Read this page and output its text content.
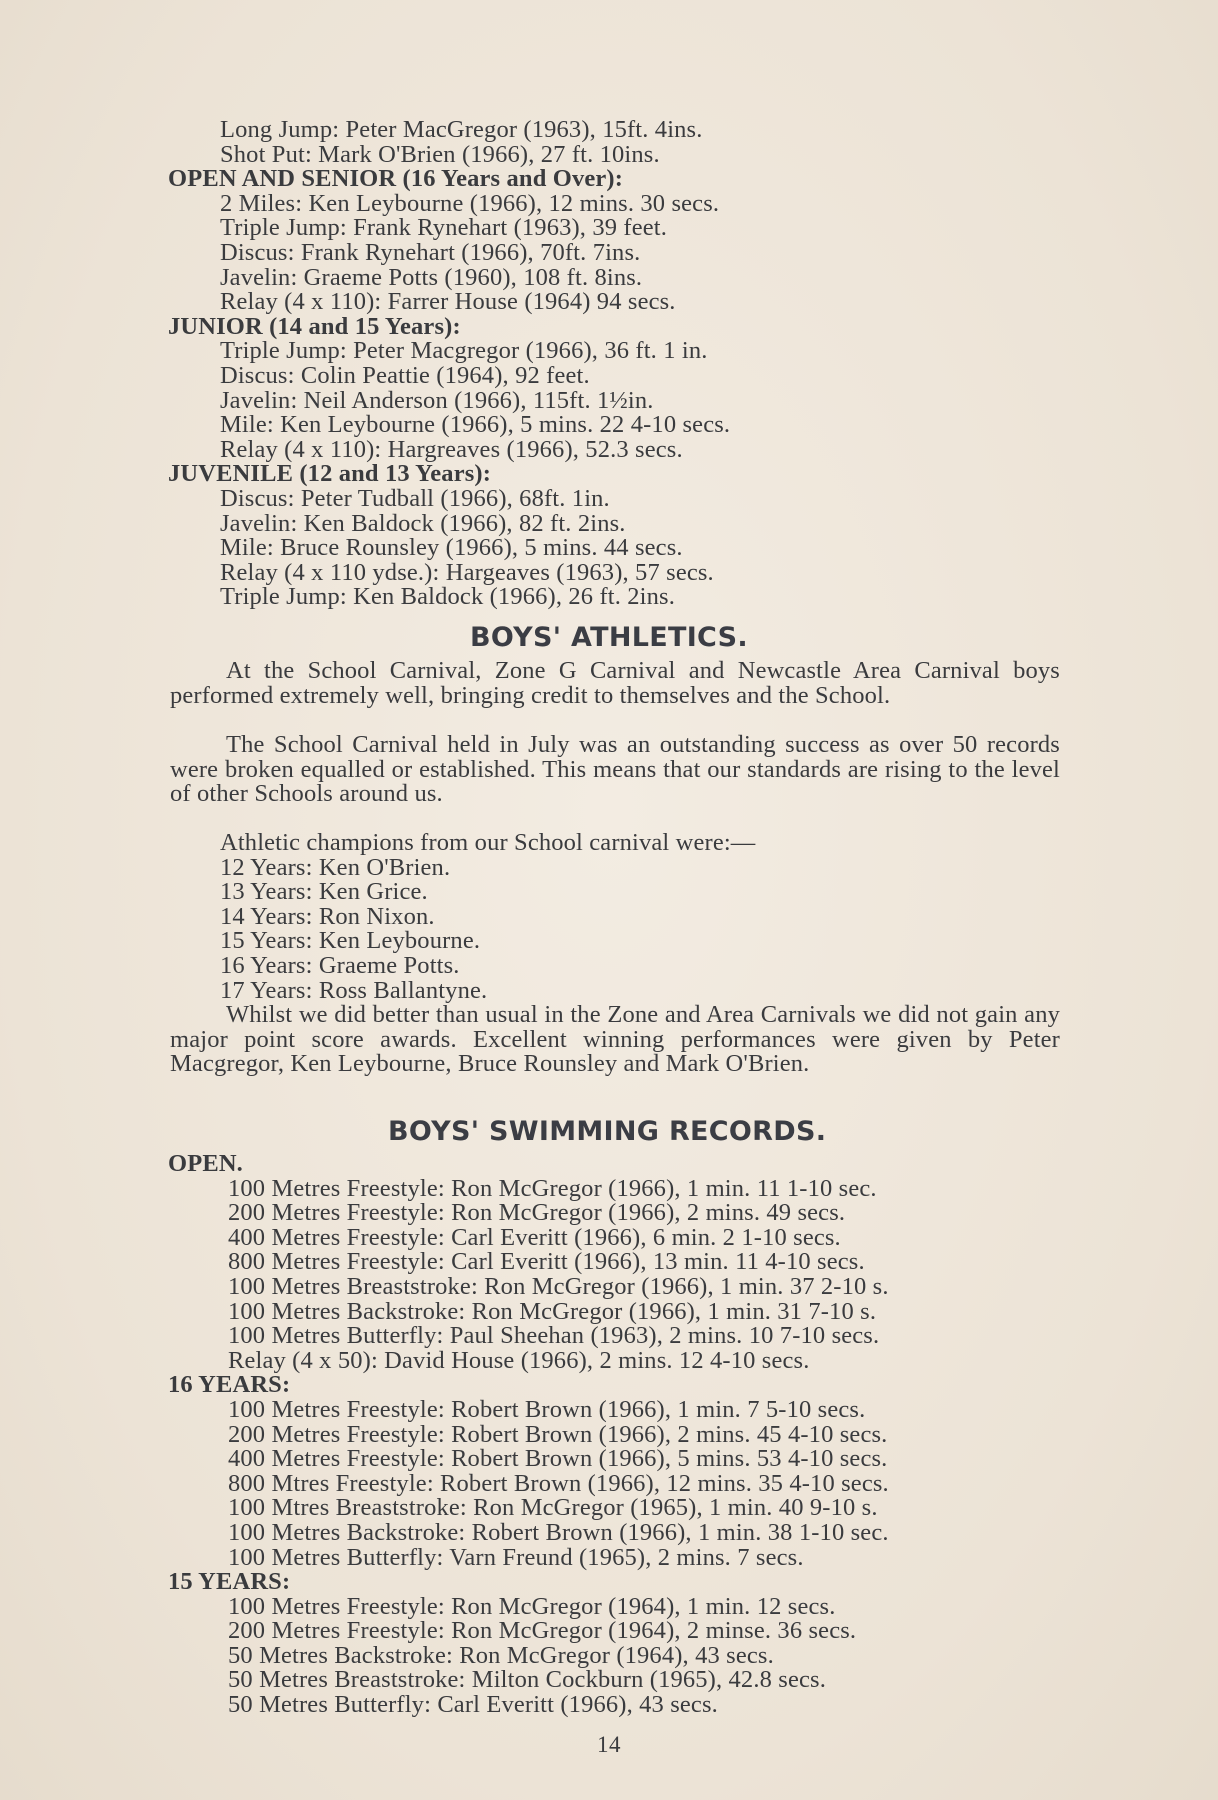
Long Jump: Peter MacGregor (1963), 15ft. 4ins.
Shot Put: Mark O'Brien (1966), 27 ft. 10ins.
OPEN AND SENIOR (16 Years and Over):
2 Miles: Ken Leybourne (1966), 12 mins. 30 secs.
Triple Jump: Frank Rynehart (1963), 39 feet.
Discus: Frank Rynehart (1966), 70ft. 7ins.
Javelin: Graeme Potts (1960), 108 ft. 8ins.
Relay (4 x 110): Farrer House (1964) 94 secs.
JUNIOR (14 and 15 Years):
Triple Jump: Peter Macgregor (1966), 36 ft. 1 in.
Discus: Colin Peattie (1964), 92 feet.
Javelin: Neil Anderson (1966), 115ft. 1½in.
Mile: Ken Leybourne (1966), 5 mins. 22 4-10 secs.
Relay (4 x 110): Hargreaves (1966), 52.3 secs.
JUVENILE (12 and 13 Years):
Discus: Peter Tudball (1966), 68ft. 1in.
Javelin: Ken Baldock (1966), 82 ft. 2ins.
Mile: Bruce Rounsley (1966), 5 mins. 44 secs.
Relay (4 x 110 ydse.): Hargeaves (1963), 57 secs.
Triple Jump: Ken Baldock (1966), 26 ft. 2ins.
BOYS' ATHLETICS.
At the School Carnival, Zone G Carnival and Newcastle Area Carnival boys performed extremely well, bringing credit to themselves and the School.
The School Carnival held in July was an outstanding success as over 50 records were broken equalled or established. This means that our standards are rising to the level of other Schools around us.
Athletic champions from our School carnival were:—
12 Years: Ken O'Brien.
13 Years: Ken Grice.
14 Years: Ron Nixon.
15 Years: Ken Leybourne.
16 Years: Graeme Potts.
17 Years: Ross Ballantyne.
Whilst we did better than usual in the Zone and Area Carnivals we did not gain any major point score awards. Excellent winning performances were given by Peter Macgregor, Ken Leybourne, Bruce Rounsley and Mark O'Brien.
BOYS' SWIMMING RECORDS.
OPEN.
100 Metres Freestyle: Ron McGregor (1966), 1 min. 11 1-10 sec.
200 Metres Freestyle: Ron McGregor (1966), 2 mins. 49 secs.
400 Metres Freestyle: Carl Everitt (1966), 6 min. 2 1-10 secs.
800 Metres Freestyle: Carl Everitt (1966), 13 min. 11 4-10 secs.
100 Metres Breaststroke: Ron McGregor (1966), 1 min. 37 2-10 s.
100 Metres Backstroke: Ron McGregor (1966), 1 min. 31 7-10 s.
100 Metres Butterfly: Paul Sheehan (1963), 2 mins. 10 7-10 secs.
Relay (4 x 50): David House (1966), 2 mins. 12 4-10 secs.
16 YEARS:
100 Metres Freestyle: Robert Brown (1966), 1 min. 7 5-10 secs.
200 Metres Freestyle: Robert Brown (1966), 2 mins. 45 4-10 secs.
400 Metres Freestyle: Robert Brown (1966), 5 mins. 53 4-10 secs.
800 Mtres Freestyle: Robert Brown (1966), 12 mins. 35 4-10 secs.
100 Mtres Breaststroke: Ron McGregor (1965), 1 min. 40 9-10 s.
100 Metres Backstroke: Robert Brown (1966), 1 min. 38 1-10 sec.
100 Metres Butterfly: Varn Freund (1965), 2 mins. 7 secs.
15 YEARS:
100 Metres Freestyle: Ron McGregor (1964), 1 min. 12 secs.
200 Metres Freestyle: Ron McGregor (1964), 2 minse. 36 secs.
50 Metres Backstroke: Ron McGregor (1964), 43 secs.
50 Metres Breaststroke: Milton Cockburn (1965), 42.8 secs.
50 Metres Butterfly: Carl Everitt (1966), 43 secs.
14
